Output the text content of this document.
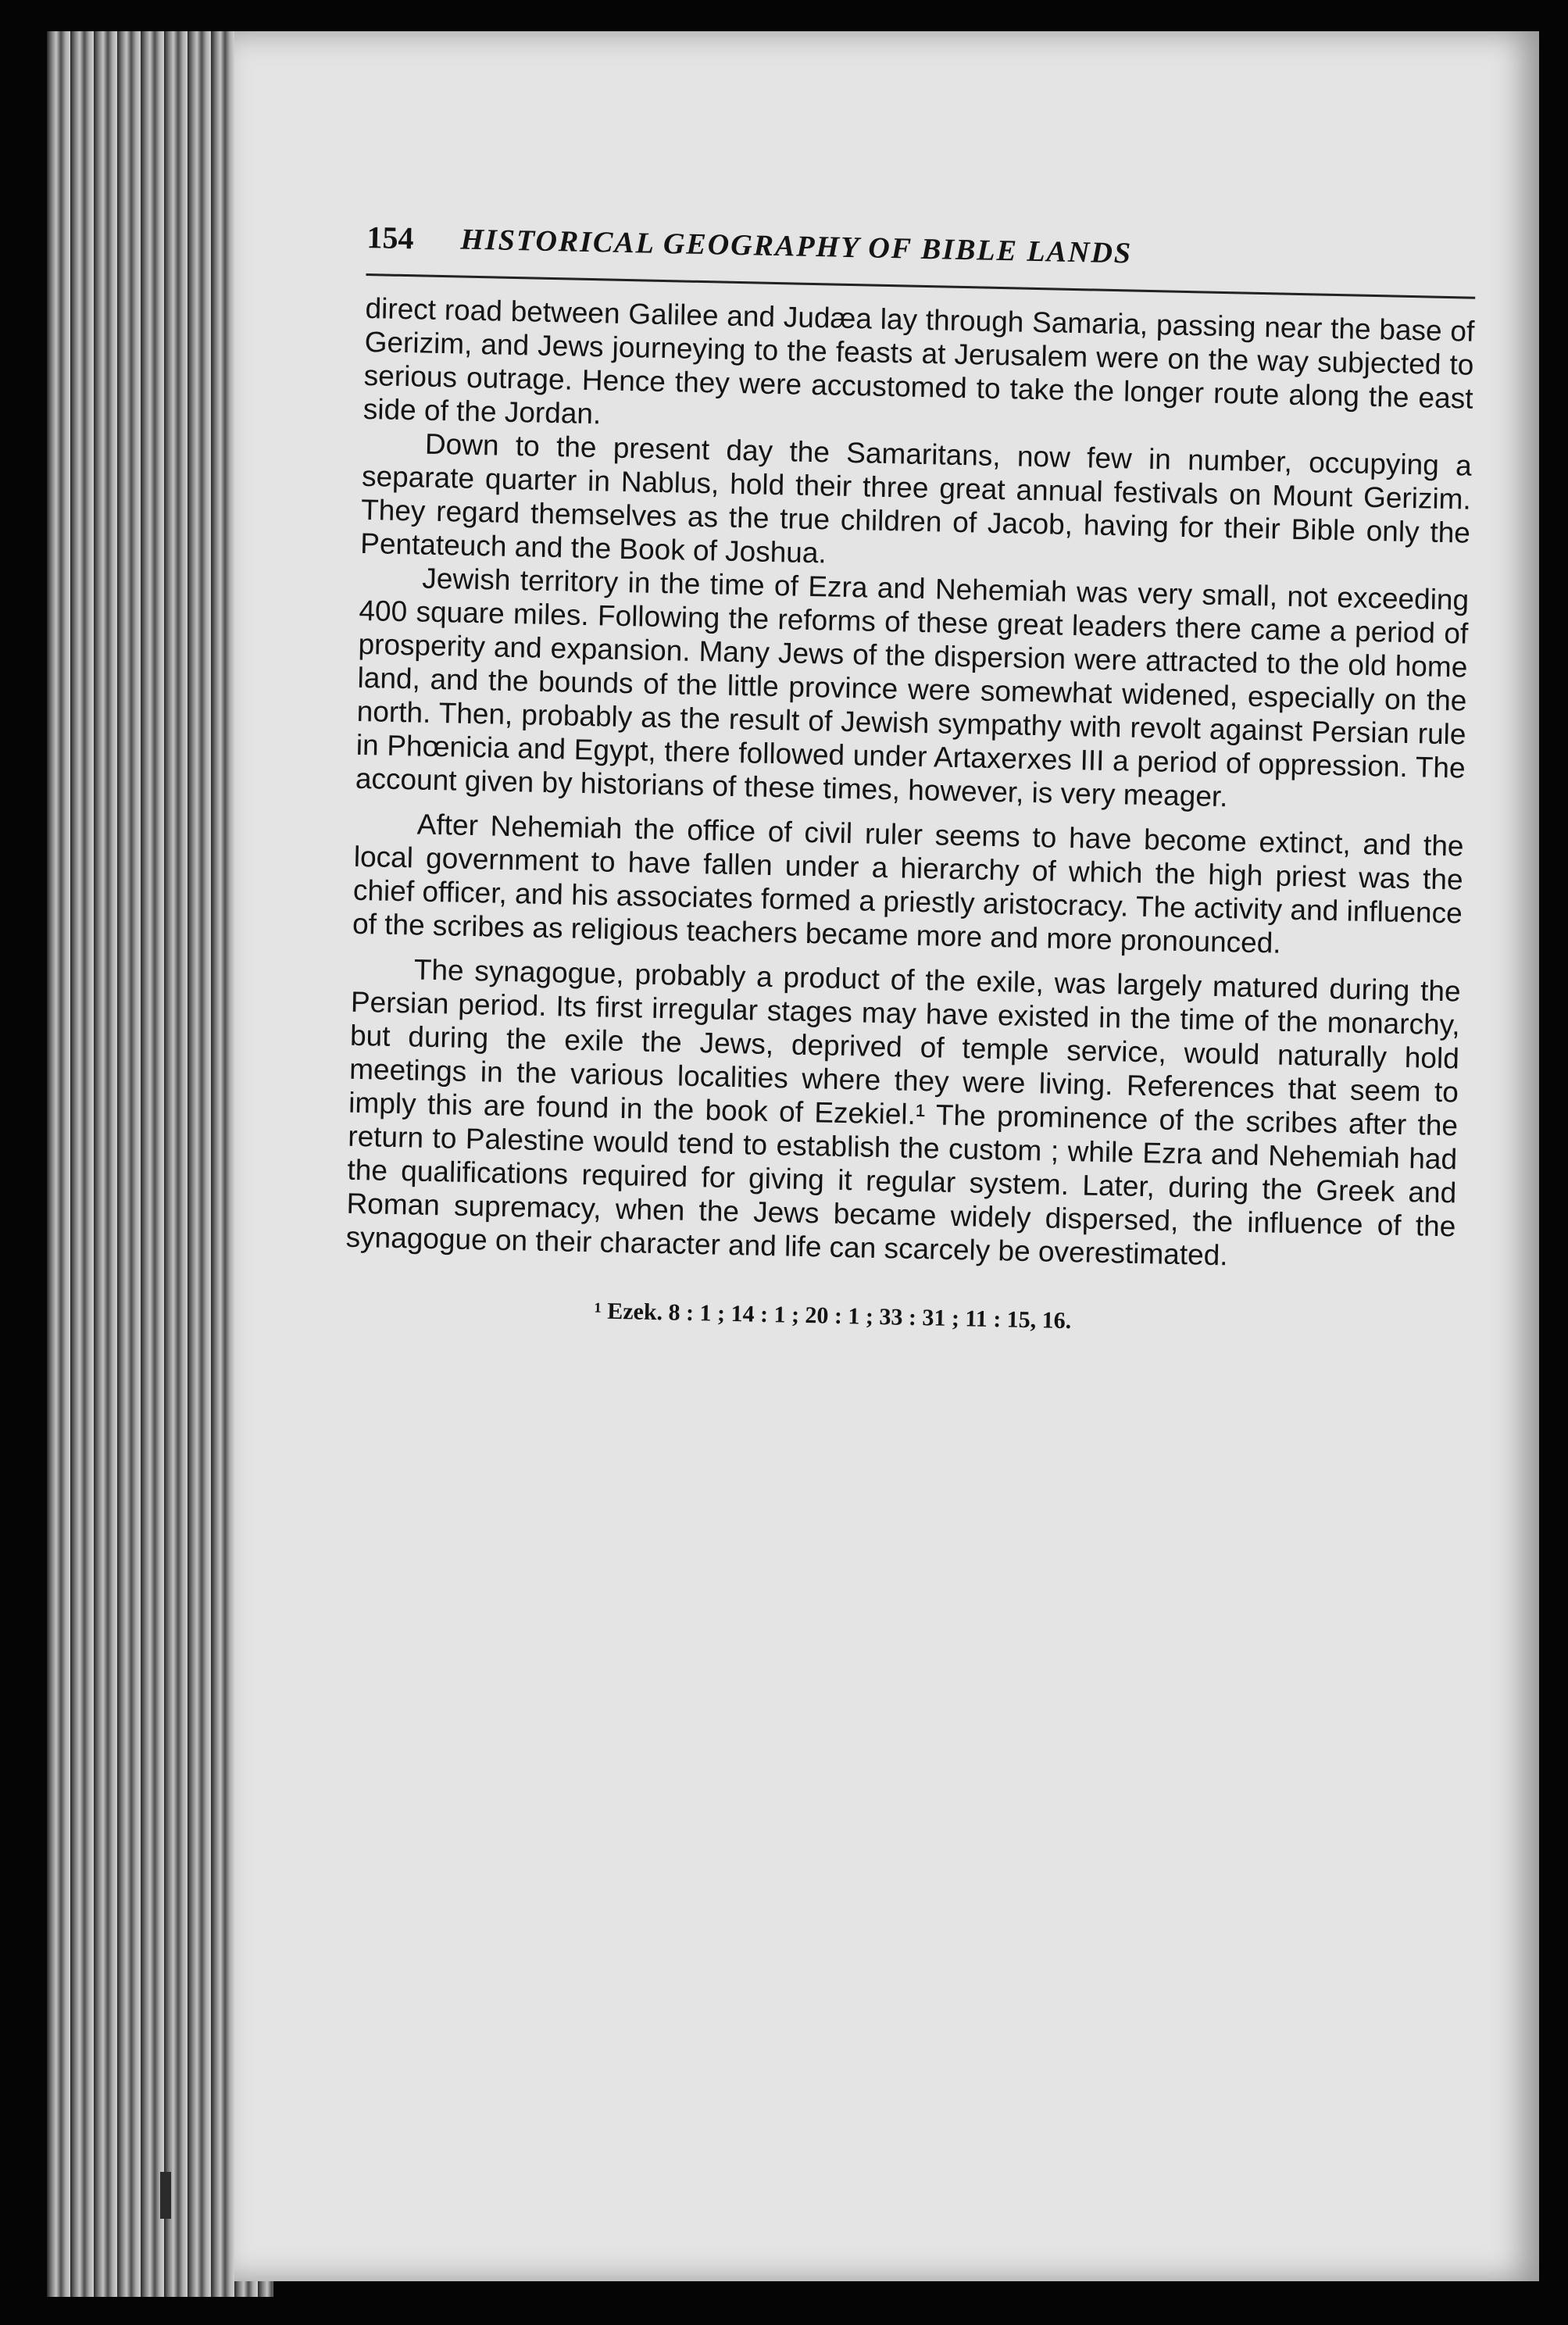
154 HISTORICAL GEOGRAPHY OF BIBLE LANDS

direct road between Galilee and Judæa lay through Samaria, passing near the base of Gerizim, and Jews journeying to the feasts at Jerusalem were on the way subjected to serious outrage. Hence they were accustomed to take the longer route along the east side of the Jordan.

Down to the present day the Samaritans, now few in number, occupying a separate quarter in Nablus, hold their three great annual festivals on Mount Gerizim. They regard themselves as the true children of Jacob, having for their Bible only the Pentateuch and the Book of Joshua.

Jewish territory in the time of Ezra and Nehemiah was very small, not exceeding 400 square miles. Following the reforms of these great leaders there came a period of prosperity and expansion. Many Jews of the dispersion were attracted to the old home land, and the bounds of the little province were somewhat widened, especially on the north. Then, probably as the result of Jewish sympathy with revolt against Persian rule in Phœnicia and Egypt, there followed under Artaxerxes III a period of oppression. The account given by historians of these times, however, is very meager.

After Nehemiah the office of civil ruler seems to have become extinct, and the local government to have fallen under a hierarchy of which the high priest was the chief officer, and his associates formed a priestly aristocracy. The activity and influence of the scribes as religious teachers became more and more pronounced.

The synagogue, probably a product of the exile, was largely matured during the Persian period. Its first irregular stages may have existed in the time of the monarchy, but during the exile the Jews, deprived of temple service, would naturally hold meetings in the various localities where they were living. References that seem to imply this are found in the book of Ezekiel.¹ The prominence of the scribes after the return to Palestine would tend to establish the custom ; while Ezra and Nehemiah had the qualifications required for giving it regular system. Later, during the Greek and Roman supremacy, when the Jews became widely dispersed, the influence of the synagogue on their character and life can scarcely be overestimated.

¹ Ezek. 8 : 1 ; 14 : 1 ; 20 : 1 ; 33 : 31 ; 11 : 15, 16.
